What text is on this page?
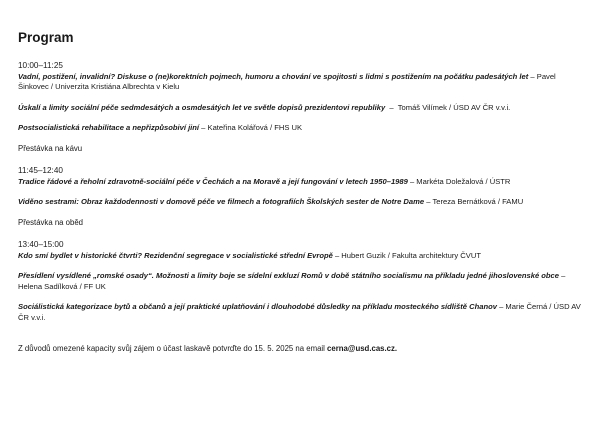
Program

10:00–11:25

Vadní, postižení, invalidní? Diskuse o (ne)korektních pojmech, humoru a chování ve spojitosti s lidmi s postižením na počátku padesátých let – Pavel Šinkovec / Univerzita Kristiána Albrechta v Kielu

Úskalí a limity sociální péče sedmdesátých a osmdesátých let ve světle dopisů prezidentovi republiky  –  Tomáš Vilímek / ÚSD AV ČR v.v.i.

Postsocialistická rehabilitace a nepřizpůsobiví jiní – Kateřina Kolářová / FHS UK

Přestávka na kávu

11:45–12:40

Tradice řádové a řeholní zdravotně-sociální péče v Čechách a na Moravě a její fungování v letech 1950–1989 – Markéta Doležalová / ÚSTR

Viděno sestrami: Obraz každodennosti v domově péče ve filmech a fotografiích Školských sester de Notre Dame – Tereza Bernátková / FAMU

Přestávka na oběd

13:40–15:00

Kdo smí bydlet v historické čtvrti? Rezidenční segregace v socialistické střední Evropě – Hubert Guzik / Fakulta architektury ČVUT

Přesídlení vysídlené „romské osady“. Možnosti a limity boje se sídelní exkluzí Romů v době státního socialismu na příkladu jedné jihoslovenské obce – Helena Sadílková / FF UK

Sociálistická kategorizace bytů a občanů a její praktické uplatňování i dlouhodobé důsledky na příkladu mosteckého sídliště Chanov – Marie Černá / ÚSD AV ČR v.v.i.

Z důvodů omezené kapacity svůj zájem o účast laskavě potvrďte do 15. 5. 2025 na email cerna@usd.cas.cz.
